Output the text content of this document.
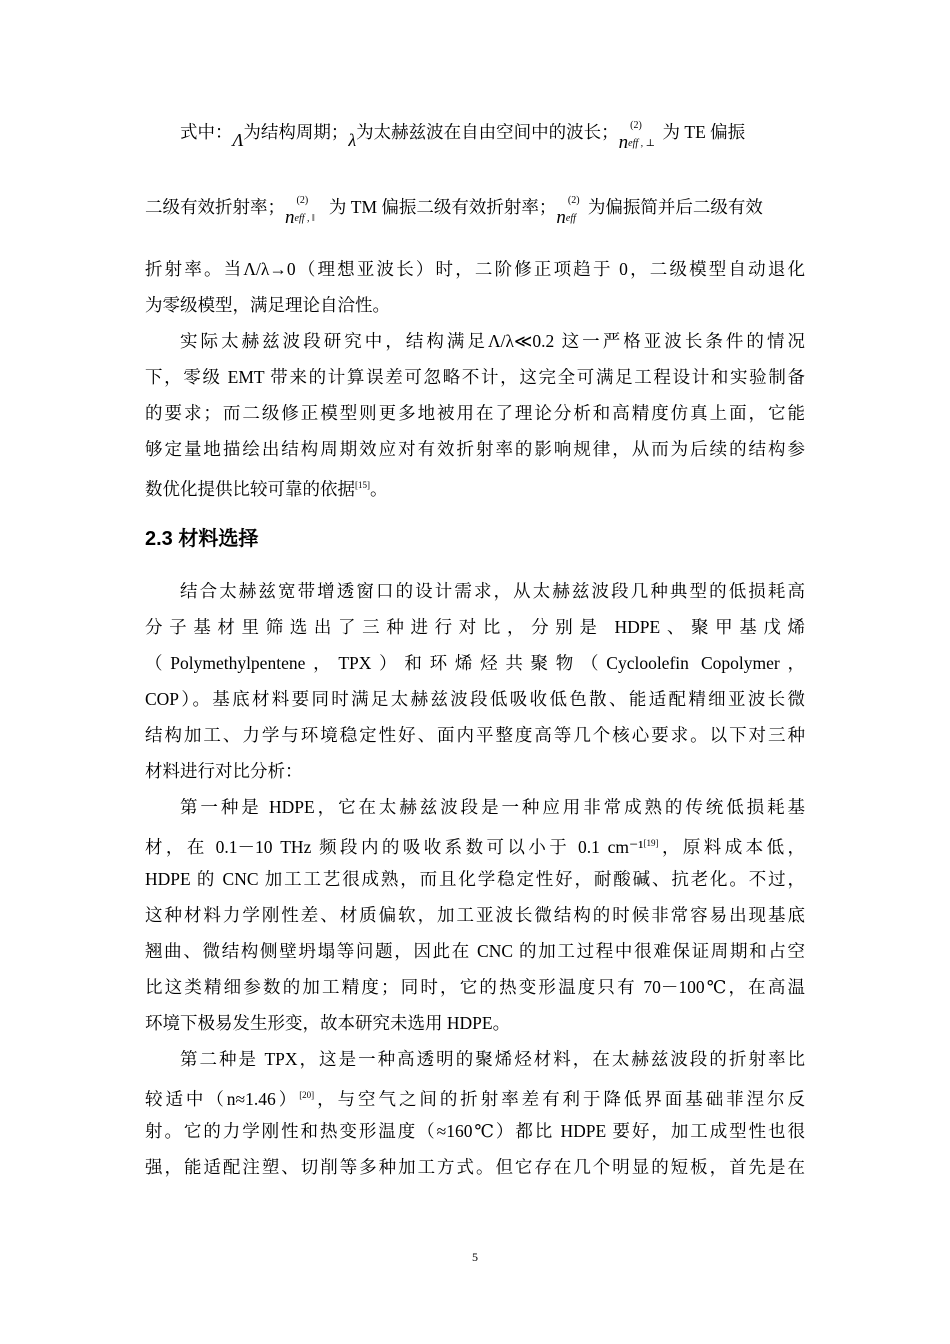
式中：Λ为结构周期；λ为太赫兹波在自由空间中的波长；n
(2)
eff , ⊥
为 TE 偏振
二级有效折射率；n
(2)
eff , ‖
为 TM 偏振二级有效折射率；n
(2)
eff
为偏振简并后二级有效
折射率。当Λ/λ→0（理想亚波长）时，二阶修正项趋于 0，二级模型自动退化
为零级模型，满足理论自洽性。
实际太赫兹波段研究中，结构满足Λ/λ≪0.2 这一严格亚波长条件的情况
下，零级 EMT 带来的计算误差可忽略不计，这完全可满足工程设计和实验制备
的要求；而二级修正模型则更多地被用在了理论分析和高精度仿真上面，它能
够定量地描绘出结构周期效应对有效折射率的影响规律，从而为后续的结构参
数优化提供比较可靠的依据[15]。
2.3 材料选择
结合太赫兹宽带增透窗口的设计需求，从太赫兹波段几种典型的低损耗高
分子基材里筛选出了三种进行对比，分别是 HDPE、聚甲基戊烯
（Polymethylpentene，TPX）和环烯烃共聚物（Cycloolefin Copolymer，
COP）。基底材料要同时满足太赫兹波段低吸收低色散、能适配精细亚波长微
结构加工、力学与环境稳定性好、面内平整度高等几个核心要求。以下对三种
材料进行对比分析：
第一种是 HDPE，它在太赫兹波段是一种应用非常成熟的传统低损耗基
材，在 0.1－10 THz 频段内的吸收系数可以小于 0.1 cm⁻¹[19]，原料成本低，
HDPE 的 CNC 加工工艺很成熟，而且化学稳定性好，耐酸碱、抗老化。不过，
这种材料力学刚性差、材质偏软，加工亚波长微结构的时候非常容易出现基底
翘曲、微结构侧壁坍塌等问题，因此在 CNC 的加工过程中很难保证周期和占空
比这类精细参数的加工精度；同时，它的热变形温度只有 70－100℃，在高温
环境下极易发生形变，故本研究未选用 HDPE。
第二种是 TPX，这是一种高透明的聚烯烃材料，在太赫兹波段的折射率比
较适中（n≈1.46）[20]，与空气之间的折射率差有利于降低界面基础菲涅尔反
射。它的力学刚性和热变形温度（≈160℃）都比 HDPE 要好，加工成型性也很
强，能适配注塑、切削等多种加工方式。但它存在几个明显的短板，首先是在
5
